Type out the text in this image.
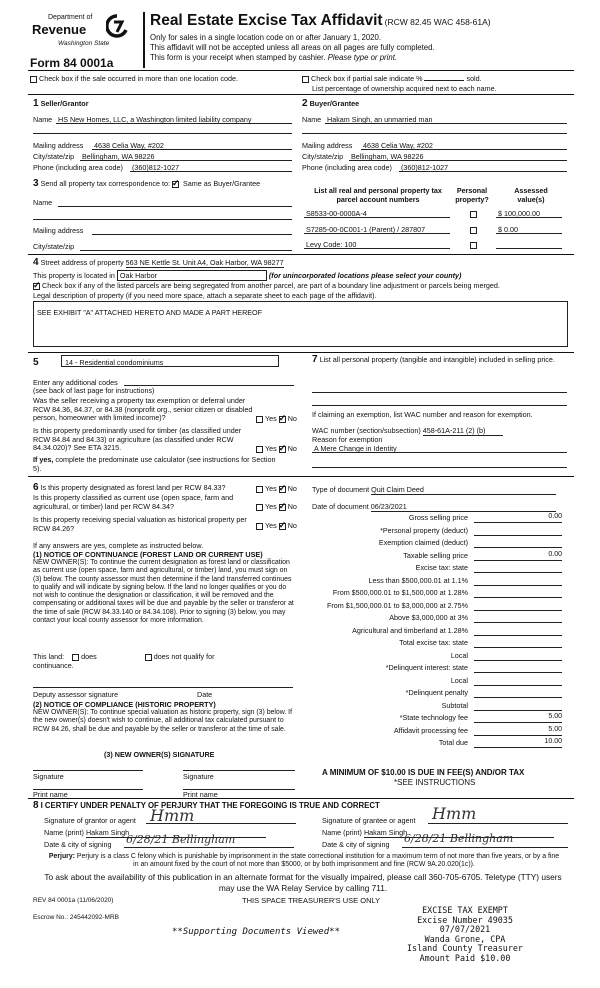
Department of
Revenue
Washington State
Form 84 0001a
Real Estate Excise Tax Affidavit (RCW 82.45 WAC 458-61A)
Only for sales in a single location code on or after January 1, 2020.
This affidavit will not be accepted unless all areas on all pages are fully completed.
This form is your receipt when stamped by cashier. Please type or print.
Check box if the sale occurred in more than one location code.	Check box if partial sale indicate %	sold.
List percentage of ownership acquired next to each name.
1 Seller/Grantor
Name HS New Homes, LLC, a Washington limited liability company
Mailing address 4638 Celia Way, #202
City/state/zip Bellingham, WA 98226
Phone (including area code) (360)812-1027
2 Buyer/Grantee
Name Hakam Singh, an unmarried man
Mailing address 4638 Celia Way, #202
City/state/zip Bellingham, WA 98226
Phone (including area code) (360)812-1027
3 Send all property tax correspondence to: ✓ Same as Buyer/Grantee
Name
Mailing address
City/state/zip
List all real and personal property tax parcel account numbers
Personal property?
Assessed value(s)
S8533-00-0000A-4	$ 100,000.00
S7285-00-0C001-1 (Parent) / 287807	$ 0.00
Levy Code: 100
4 Street address of property 563 NE Kettle St. Unit A4, Oak Harbor, WA 98277
This property is located in Oak Harbor	(for unincorporated locations please select your county)
✓Check box if any of the listed parcels are being segregated from another parcel, are part of a boundary line adjustment or parcels being merged.
Legal description of property (if you need more space, attach a separate sheet to each page of the affidavit).
SEE EXHIBIT "A" ATTACHED HERETO AND MADE A PART HEREOF
5	14 - Residential condominiums
Enter any additional codes
(see back of last page for instructions)
Was the seller receiving a property tax exemption or deferral under RCW 84.36, 84.37, or 84.38 (nonprofit org., senior citizen or disabled person, homeowner with limited income)?	Yes ✓ No
Is this property predominantly used for timber (as classified under RCW 84.84 and 84.33) or agriculture (as classified under RCW 84.34.020)? See ETA 3215.	Yes ✓ No
If yes, complete the predominate use calculator (see instructions for Section 5).
7 List all personal property (tangible and intangible) included in selling price.
If claiming an exemption, list WAC number and reason for exemption.
WAC number (section/subsection) 458-61A-211 (2) (b)
Reason for exemption
A Mere Change in Identity
6 Is this property designated as forest land per RCW 84.33?	Yes ✓ No
Is this property classified as current use (open space, farm and agricultural, or timber) land per RCW 84.34?	Yes ✓ No
Is this property receiving special valuation as historical property per RCW 84.26?	Yes ✓ No
If any answers are yes, complete as instructed below.
(1) NOTICE OF CONTINUANCE (FOREST LAND OR CURRENT USE)
NEW OWNER(S): To continue the current designation as forest land or classification as current use (open space, farm and agricultural, or timber) land, you must sign on (3) below. The county assessor must then determine if the land transferred continues to qualify and will indicate by signing below. If the land no longer qualifies or you do not wish to continue the designation or classification, it will be removed and the compensating or additional taxes will be due and payable by the seller or transferor at the time of sale (RCW 84.33.140 or 84.34.108). Prior to signing (3) below, you may contact your local county assessor for more information.
This land: does	does not qualify for
continuance.
Deputy assessor signature	Date
(2) NOTICE OF COMPLIANCE (HISTORIC PROPERTY)
NEW OWNER(S): To continue special valuation as historic property, sign (3) below. If the new owner(s) doesn't wish to continue, all additional tax calculated pursuant to RCW 84.26, shall be due and payable by the seller or transferor at the time of sale.
(3) NEW OWNER(S) SIGNATURE
Signature	Signature
Print name	Print name
Type of document Quit Claim Deed
Date of document 06/23/2021
Gross selling price	0.00
*Personal property (deduct)
Exemption claimed (deduct)
Taxable selling price	0.00
Excise tax: state
Less than $500,000.01 at 1.1%
From $500,000.01 to $1,500,000 at 1.28%
From $1,500,000.01 to $3,000,000 at 2.75%
Above $3,000,000 at 3%
Agricultural and timberland at 1.28%
Total excise tax: state
Local
*Delinquent interest: state
Local
*Delinquent penalty
Subtotal
*State technology fee	5.00
Affidavit processing fee	5.00
Total due	10.00
A MINIMUM OF $10.00 IS DUE IN FEE(S) AND/OR TAX
*SEE INSTRUCTIONS
8 I CERTIFY UNDER PENALTY OF PERJURY THAT THE FOREGOING IS TRUE AND CORRECT
Signature of grantor or agent Hmm	Signature of grantee or agent Hmm
Name (print) Hakam Singh	Name (print) Hakam Singh
Date & city of signing 6/28/21 Bellingham	Date & city of signing 6/28/21 Bellingham
Perjury: Perjury is a class C felony which is punishable by imprisonment in the state correctional institution for a maximum term of not more than five years, or by a fine in an amount fixed by the court of not more than $5000, or by both imprisonment and fine (RCW 9A.20.020(1c)).
To ask about the availability of this publication in an alternate format for the visually impaired, please call 360-705-6705. Teletype (TTY) users may use the WA Relay Service by calling 711.
REV 84 0001a (11/06/2020)	THIS SPACE TREASURER'S USE ONLY
Escrow No.: 245442092-MRB
**Supporting Documents Viewed**
EXCISE TAX EXEMPT
Excise Number 49035
07/07/2021
Wanda Grone, CPA
Island County Treasurer
Amount Paid $10.00
